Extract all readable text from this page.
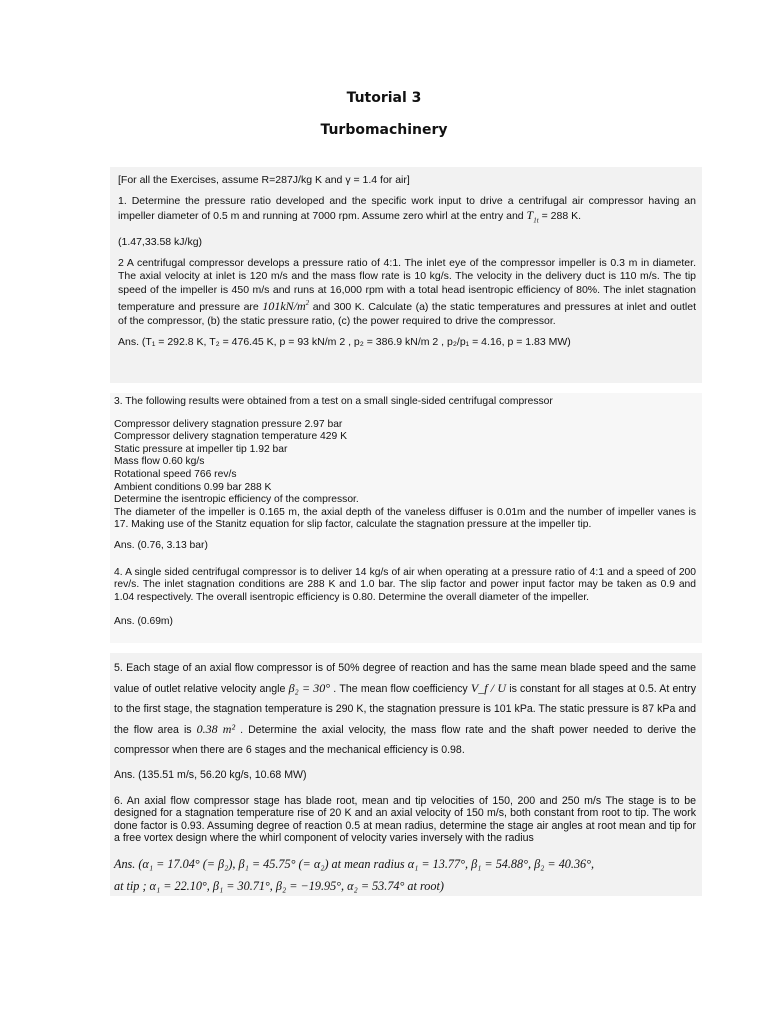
Tutorial 3
Turbomachinery

[For all the Exercises, assume R=287J/kg K and γ = 1.4 for air]

1. Determine the pressure ratio developed and the specific work input to drive a centrifugal air compressor having an impeller diameter of 0.5 m and running at 7000 rpm. Assume zero whirl at the entry and $T_{1t} = 288$ K.

(1.47,33.58 kJ/kg)

2 A centrifugal compressor develops a pressure ratio of 4:1. The inlet eye of the compressor impeller is 0.3 m in diameter. The axial velocity at inlet is 120 m/s and the mass flow rate is 10 kg/s. The velocity in the delivery duct is 110 m/s. The tip speed of the impeller is 450 m/s and runs at 16,000 rpm with a total head isentropic efficiency of 80%. The inlet stagnation temperature and pressure are $101kN/m^2$ and 300 K. Calculate (a) the static temperatures and pressures at inlet and outlet of the compressor, (b) the static pressure ratio, (c) the power required to drive the compressor.

Ans. (T₁ = 292.8 K, T₂ = 476.45 K, p = 93 kN/m 2 , p₂ = 386.9 kN/m 2 , p₂/p₁ = 4.16, p = 1.83 MW)

3. The following results were obtained from a test on a small single-sided centrifugal compressor

Compressor delivery stagnation pressure 2.97 bar
Compressor delivery stagnation temperature 429 K
Static pressure at impeller tip 1.92 bar
Mass flow 0.60 kg/s
Rotational speed 766 rev/s
Ambient conditions 0.99 bar 288 K
Determine the isentropic efficiency of the compressor.
The diameter of the impeller is 0.165 m, the axial depth of the vaneless diffuser is 0.01m and the number of impeller vanes is 17. Making use of the Stanitz equation for slip factor, calculate the stagnation pressure at the impeller tip.

Ans. (0.76, 3.13 bar)

4. A single sided centrifugal compressor is to deliver 14 kg/s of air when operating at a pressure ratio of 4:1 and a speed of 200 rev/s. The inlet stagnation conditions are 288 K and 1.0 bar. The slip factor and power input factor may be taken as 0.9 and 1.04 respectively. The overall isentropic efficiency is 0.80. Determine the overall diameter of the impeller.

Ans. (0.69m)

5. Each stage of an axial flow compressor is of 50% degree of reaction and has the same mean blade speed and the same value of outlet relative velocity angle β₂ = 30° . The mean flow coefficiency V_f / U is constant for all stages at 0.5. At entry to the first stage, the stagnation temperature is 290 K, the stagnation pressure is 101 kPa. The static pressure is 87 kPa and the flow area is 0.38 m² . Determine the axial velocity, the mass flow rate and the shaft power needed to derive the compressor when there are 6 stages and the mechanical efficiency is 0.98.

Ans. (135.51 m/s, 56.20 kg/s, 10.68 MW)

6. An axial flow compressor stage has blade root, mean and tip velocities of 150, 200 and 250 m/s The stage is to be designed for a stagnation temperature rise of 20 K and an axial velocity of 150 m/s, both constant from root to tip. The work done factor is 0.93. Assuming degree of reaction 0.5 at mean radius, determine the stage air angles at root mean and tip for a free vortex design where the whirl component of velocity varies inversely with the radius

Ans. (α₁ = 17.04° (= β₂), β₁ = 45.75° (= α₂) at mean radius α₁ = 13.77°, β₁ = 54.88°, β₂ = 40.36°,
at tip ; α₁ = 22.10°, β₁ = 30.71°, β₂ = −19.95°, α₂ = 53.74° at root)
